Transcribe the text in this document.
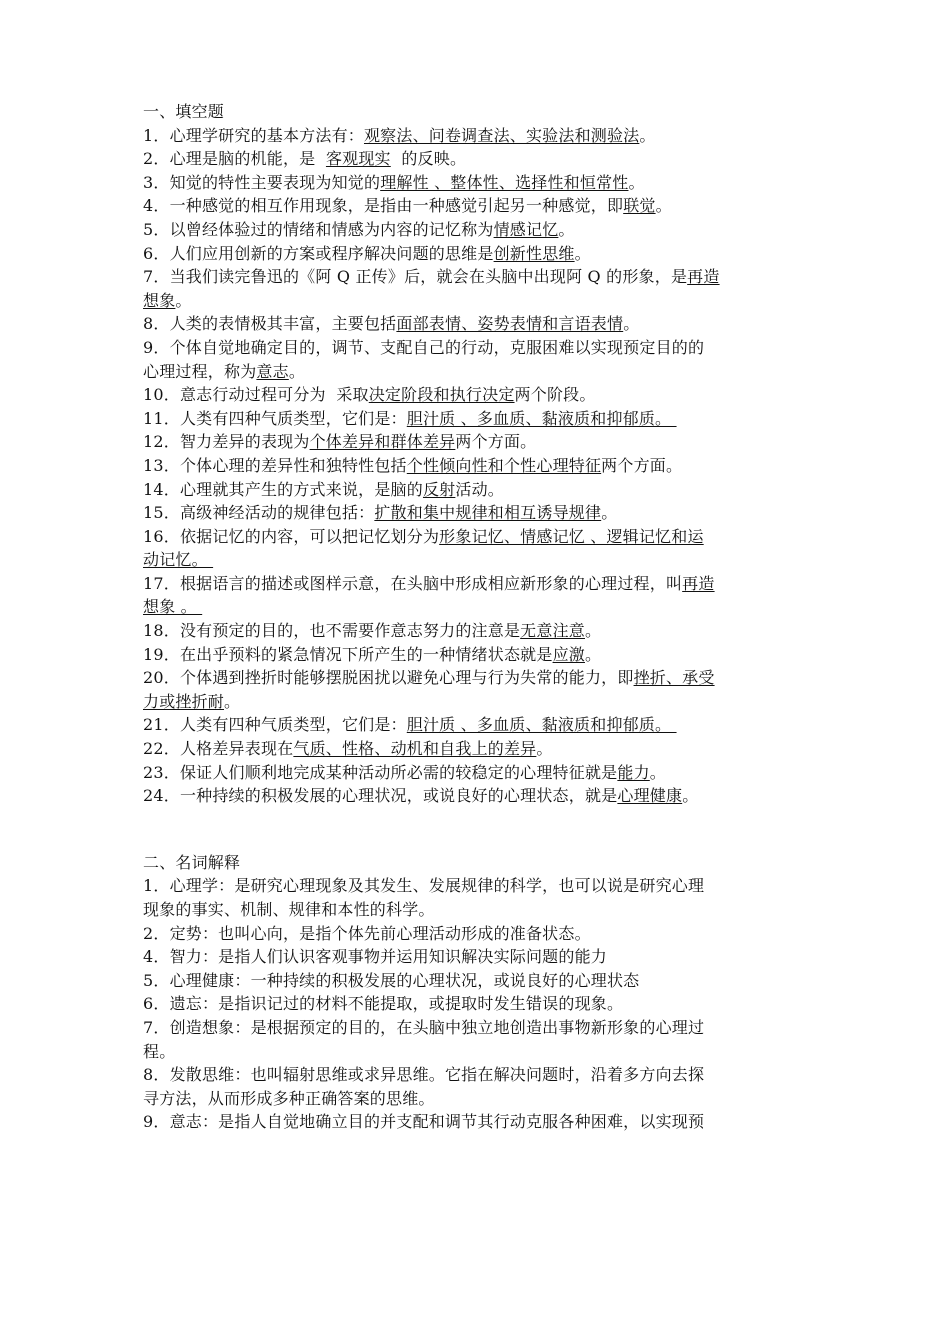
一、填空题
1．心理学研究的基本方法有：观察法、问卷调查法、实验法和测验法。
2．心理是脑的机能，是  客观现实  的反映。
3．知觉的特性主要表现为知觉的理解性 、整体性、选择性和恒常性。
4．一种感觉的相互作用现象，是指由一种感觉引起另一种感觉，即联觉。
5．以曾经体验过的情绪和情感为内容的记忆称为情感记忆。
6．人们应用创新的方案或程序解决问题的思维是创新性思维。
7．当我们读完鲁迅的《阿 Q 正传》后，就会在头脑中出现阿 Q 的形象，是再造
想象。
8．人类的表情极其丰富，主要包括面部表情、姿势表情和言语表情。
9．个体自觉地确定目的，调节、支配自己的行动，克服困难以实现预定目的的
心理过程，称为意志。
10．意志行动过程可分为  采取决定阶段和执行决定两个阶段。
11．人类有四种气质类型，它们是：胆汁质 、多血质、黏液质和抑郁质。
12．智力差异的表现为个体差异和群体差异两个方面。
13．个体心理的差异性和独特性包括个性倾向性和个性心理特征两个方面。
14．心理就其产生的方式来说，是脑的反射活动。
15．高级神经活动的规律包括：扩散和集中规律和相互诱导规律。
16．依据记忆的内容，可以把记忆划分为形象记忆、情感记忆 、逻辑记忆和运
动记忆。
17．根据语言的描述或图样示意，在头脑中形成相应新形象的心理过程，叫再造
想象 。
18．没有预定的目的，也不需要作意志努力的注意是无意注意。
19．在出乎预料的紧急情况下所产生的一种情绪状态就是应激。
20．个体遇到挫折时能够摆脱困扰以避免心理与行为失常的能力，即挫折、承受
力或挫折耐。
21．人类有四种气质类型，它们是：胆汁质 、多血质、黏液质和抑郁质。
22．人格差异表现在气质、性格、动机和自我上的差异。
23．保证人们顺利地完成某种活动所必需的较稳定的心理特征就是能力。
24．一种持续的积极发展的心理状况，或说良好的心理状态，就是心理健康。
二、名词解释
1．心理学：是研究心理现象及其发生、发展规律的科学，也可以说是研究心理
现象的事实、机制、规律和本性的科学。
2．定势：也叫心向，是指个体先前心理活动形成的准备状态。
4．智力：是指人们认识客观事物并运用知识解决实际问题的能力
5．心理健康：一种持续的积极发展的心理状况，或说良好的心理状态
6．遗忘：是指识记过的材料不能提取，或提取时发生错误的现象。
7．创造想象：是根据预定的目的，在头脑中独立地创造出事物新形象的心理过
程。
8．发散思维：也叫辐射思维或求异思维。它指在解决问题时，沿着多方向去探
寻方法，从而形成多种正确答案的思维。
9．意志：是指人自觉地确立目的并支配和调节其行动克服各种困难，以实现预
